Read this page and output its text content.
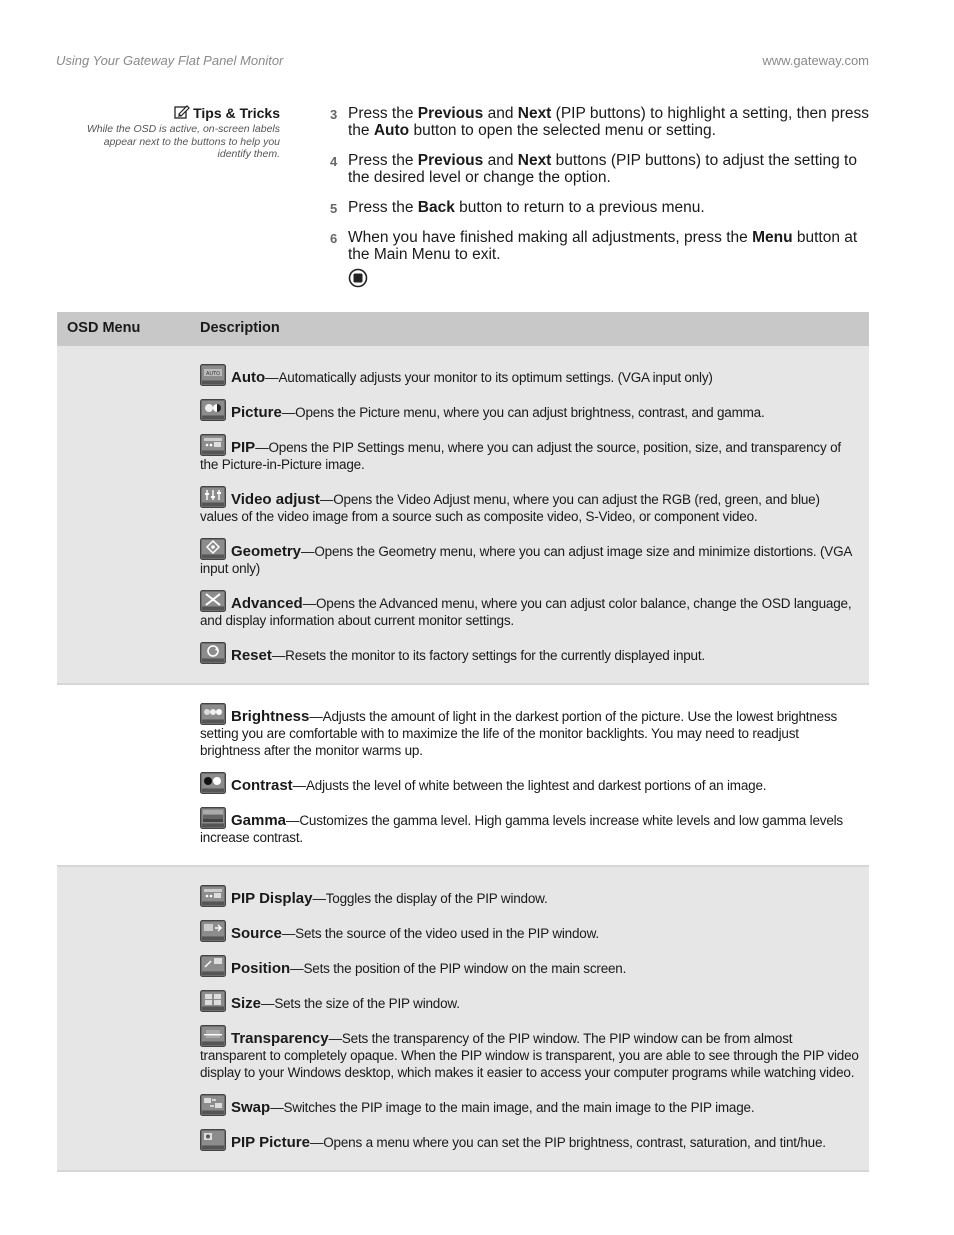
Using Your Gateway Flat Panel Monitor	www.gateway.com
Tips & Tricks
While the OSD is active, on-screen labels appear next to the buttons to help you identify them.
3 Press the Previous and Next (PIP buttons) to highlight a setting, then press the Auto button to open the selected menu or setting.
4 Press the Previous and Next buttons (PIP buttons) to adjust the setting to the desired level or change the option.
5 Press the Back button to return to a previous menu.
6 When you have finished making all adjustments, press the Menu button at the Main Menu to exit.
OSD Menu	Description
AUTO Auto—Automatically adjusts your monitor to its optimum settings. (VGA input only)
Picture—Opens the Picture menu, where you can adjust brightness, contrast, and gamma.
PIP—Opens the PIP Settings menu, where you can adjust the source, position, size, and transparency of the Picture-in-Picture image.
Video adjust—Opens the Video Adjust menu, where you can adjust the RGB (red, green, and blue) values of the video image from a source such as composite video, S-Video, or component video.
Geometry—Opens the Geometry menu, where you can adjust image size and minimize distortions. (VGA input only)
Advanced—Opens the Advanced menu, where you can adjust color balance, change the OSD language, and display information about current monitor settings.
Reset—Resets the monitor to its factory settings for the currently displayed input.
Brightness—Adjusts the amount of light in the darkest portion of the picture. Use the lowest brightness setting you are comfortable with to maximize the life of the monitor backlights. You may need to readjust brightness after the monitor warms up.
Contrast—Adjusts the level of white between the lightest and darkest portions of an image.
Gamma—Customizes the gamma level. High gamma levels increase white levels and low gamma levels increase contrast.
PIP Display—Toggles the display of the PIP window.
Source—Sets the source of the video used in the PIP window.
Position—Sets the position of the PIP window on the main screen.
Size—Sets the size of the PIP window.
Transparency—Sets the transparency of the PIP window. The PIP window can be from almost transparent to completely opaque. When the PIP window is transparent, you are able to see through the PIP video display to your Windows desktop, which makes it easier to access your computer programs while watching video.
Swap—Switches the PIP image to the main image, and the main image to the PIP image.
PIP Picture—Opens a menu where you can set the PIP brightness, contrast, saturation, and tint/hue.
